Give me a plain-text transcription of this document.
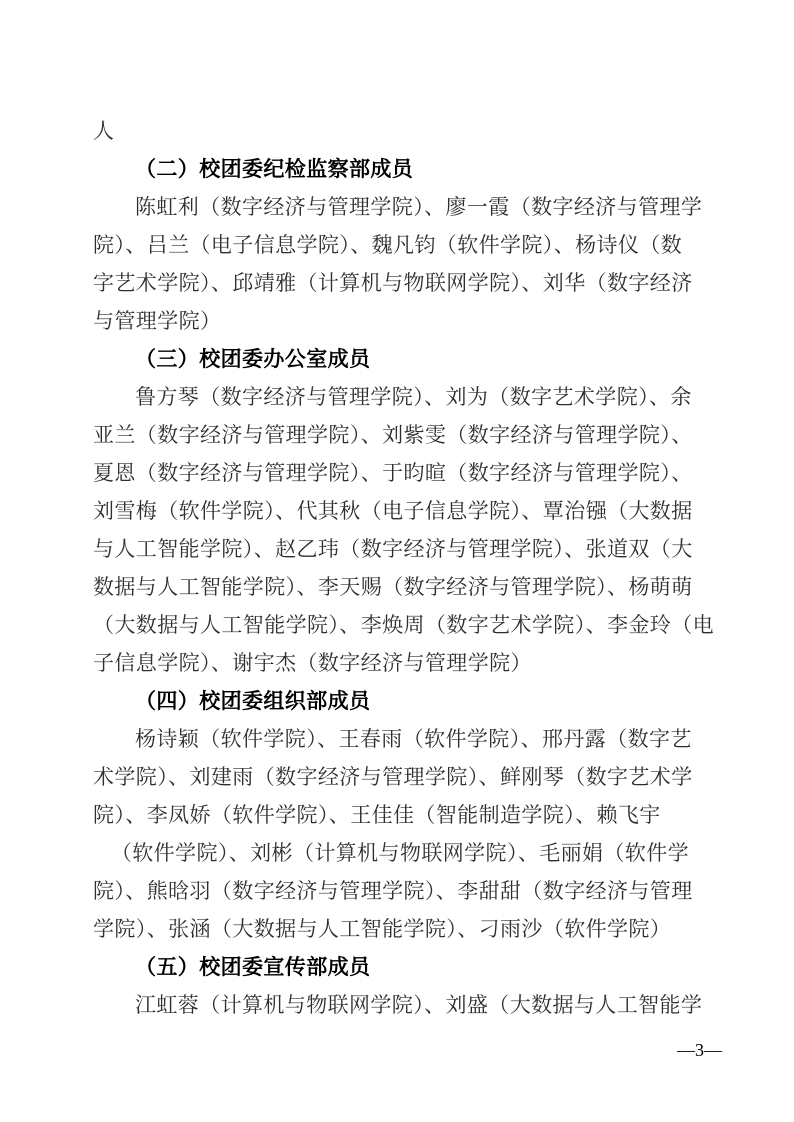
人
（二）校团委纪检监察部成员
陈虹利（数字经济与管理学院）、廖一霞（数字经济与管理学
院）、吕兰（电子信息学院）、魏凡钧（软件学院）、杨诗仪（数
字艺术学院）、邱靖雅（计算机与物联网学院）、刘华（数字经济
与管理学院）
（三）校团委办公室成员
鲁方琴（数字经济与管理学院）、刘为（数字艺术学院）、余
亚兰（数字经济与管理学院）、刘紫雯（数字经济与管理学院）、
夏恩（数字经济与管理学院）、于昀暄（数字经济与管理学院）、
刘雪梅（软件学院）、代其秋（电子信息学院）、覃治镪（大数据
与人工智能学院）、赵乙玮（数字经济与管理学院）、张道双（大
数据与人工智能学院）、李天赐（数字经济与管理学院）、杨萌萌
（大数据与人工智能学院）、李焕周（数字艺术学院）、李金玲（电
子信息学院）、谢宇杰（数字经济与管理学院）
（四）校团委组织部成员
杨诗颖（软件学院）、王春雨（软件学院）、邢丹露（数字艺
术学院）、刘建雨（数字经济与管理学院）、鲜刚琴（数字艺术学
院）、李凤娇（软件学院）、王佳佳（智能制造学院）、赖飞宇
（软件学院）、刘彬（计算机与物联网学院）、毛丽娟（软件学
院）、熊晗羽（数字经济与管理学院）、李甜甜（数字经济与管理
学院）、张涵（大数据与人工智能学院）、刁雨沙（软件学院）
（五）校团委宣传部成员
江虹蓉（计算机与物联网学院）、刘盛（大数据与人工智能学
—3—
